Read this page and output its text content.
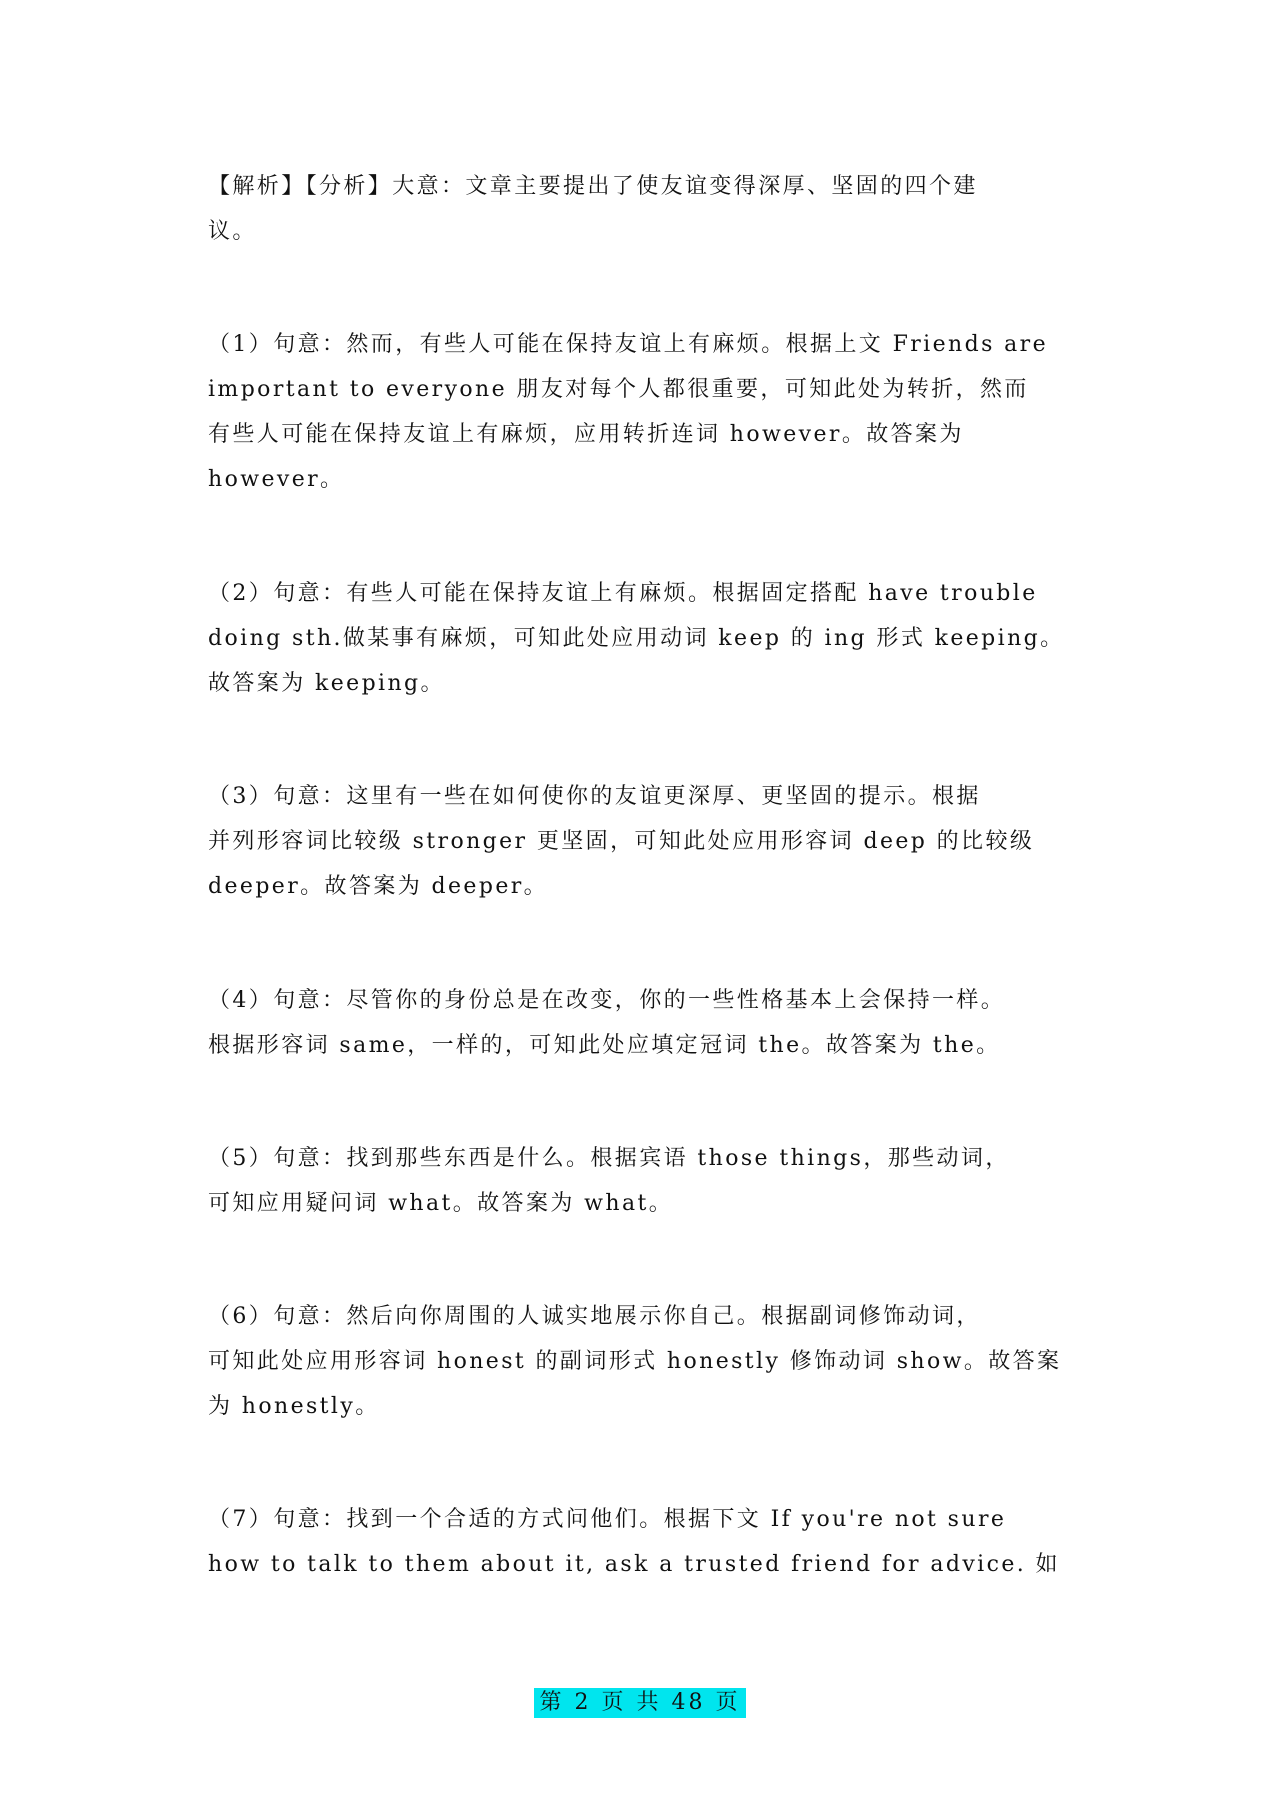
【解析】【分析】大意：文章主要提出了使友谊变得深厚、坚固的四个建
议。

（1）句意：然而，有些人可能在保持友谊上有麻烦。根据上文 Friends are
important to everyone 朋友对每个人都很重要，可知此处为转折，然而
有些人可能在保持友谊上有麻烦，应用转折连词 however。故答案为
however。

（2）句意：有些人可能在保持友谊上有麻烦。根据固定搭配 have trouble
doing sth.做某事有麻烦，可知此处应用动词 keep 的 ing 形式 keeping。
故答案为 keeping。

（3）句意：这里有一些在如何使你的友谊更深厚、更坚固的提示。根据
并列形容词比较级 stronger 更坚固，可知此处应用形容词 deep 的比较级
deeper。故答案为 deeper。

（4）句意：尽管你的身份总是在改变，你的一些性格基本上会保持一样。
根据形容词 same，一样的，可知此处应填定冠词 the。故答案为 the。

（5）句意：找到那些东西是什么。根据宾语 those things，那些动词，
可知应用疑问词 what。故答案为 what。

（6）句意：然后向你周围的人诚实地展示你自己。根据副词修饰动词，
可知此处应用形容词 honest 的副词形式 honestly 修饰动词 show。故答案
为 honestly。

（7）句意：找到一个合适的方式问他们。根据下文 If you're not sure
how to talk to them about it, ask a trusted friend for advice. 如

第 2 页 共 48 页
